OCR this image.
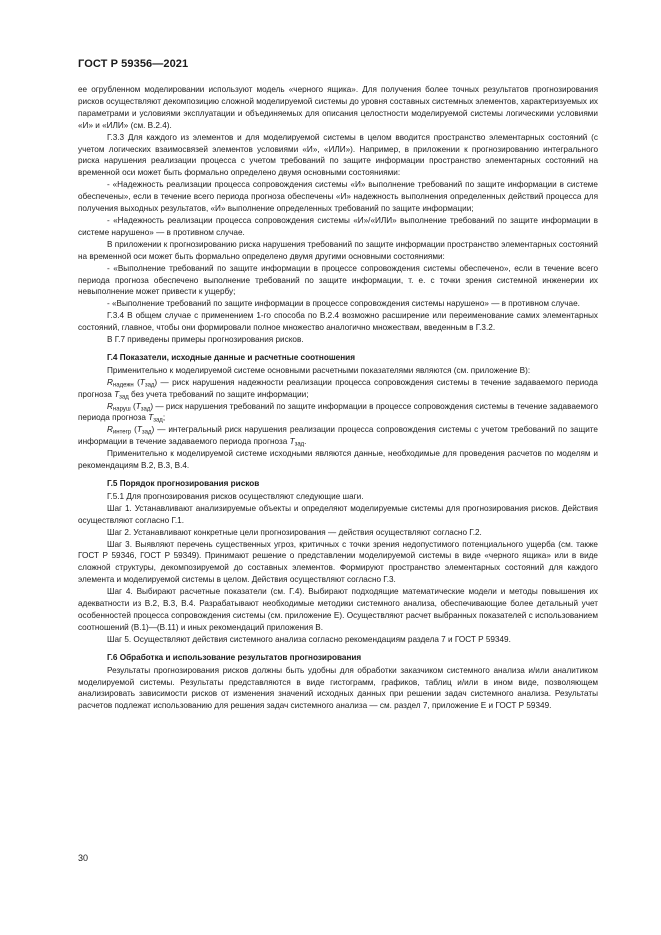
ГОСТ Р 59356—2021

ее огрубленном моделировании используют модель «черного ящика». Для получения более точных результатов прогнозирования рисков осуществляют декомпозицию сложной моделируемой системы до уровня составных системных элементов, характеризуемых их параметрами и условиями эксплуатации и объединяемых для описания целостности моделируемой системы логическими условиями «И» и «ИЛИ» (см. В.2.4).

Г.3.3 Для каждого из элементов и для моделируемой системы в целом вводится пространство элементарных состояний (с учетом логических взаимосвязей элементов условиями «И», «ИЛИ»). Например, в приложении к прогнозированию интегрального риска нарушения реализации процесса с учетом требований по защите информации пространство элементарных состояний на временной оси может быть формально определено двумя основными состояниями:

- «Надежность реализации процесса сопровождения системы «И» выполнение требований по защите информации в системе обеспечены», если в течение всего периода прогноза обеспечены «И» надежность выполнения определенных действий процесса для получения выходных результатов, «И» выполнение определенных требований по защите информации;

- «Надежность реализации процесса сопровождения системы «И»/«ИЛИ» выполнение требований по защите информации в системе нарушено» — в противном случае.

В приложении к прогнозированию риска нарушения требований по защите информации пространство элементарных состояний на временной оси может быть формально определено двумя другими основными состояниями:

- «Выполнение требований по защите информации в процессе сопровождения системы обеспечено», если в течение всего периода прогноза обеспечено выполнение требований по защите информации, т. е. с точки зрения системной инженерии их невыполнение может привести к ущербу;

- «Выполнение требований по защите информации в процессе сопровождения системы нарушено» — в противном случае.

Г.3.4 В общем случае с применением 1-го способа по В.2.4 возможно расширение или переименование самих элементарных состояний, главное, чтобы они формировали полное множество аналогично множествам, введенным в Г.3.2.

В Г.7 приведены примеры прогнозирования рисков.

Г.4 Показатели, исходные данные и расчетные соотношения

Применительно к моделируемой системе основными расчетными показателями являются (см. приложение В):

$R_{надежн}$ $(T_{зад})$ — риск нарушения надежности реализации процесса сопровождения системы в течение задаваемого периода прогноза $T_{зад}$ без учета требований по защите информации;

$R_{наруш}$ $(T_{зад})$ — риск нарушения требований по защите информации в процессе сопровождения системы в течение задаваемого периода прогноза $T_{зад}$;

$R_{интегр}$ $(T_{зад})$ — интегральный риск нарушения реализации процесса сопровождения системы с учетом требований по защите информации в течение задаваемого периода прогноза $T_{зад}$.

Применительно к моделируемой системе исходными являются данные, необходимые для проведения расчетов по моделям и рекомендациям В.2, В.3, В.4.

Г.5 Порядок прогнозирования рисков

Г.5.1 Для прогнозирования рисков осуществляют следующие шаги.

Шаг 1. Устанавливают анализируемые объекты и определяют моделируемые системы для прогнозирования рисков. Действия осуществляют согласно Г.1.

Шаг 2. Устанавливают конкретные цели прогнозирования — действия осуществляют согласно Г.2.

Шаг 3. Выявляют перечень существенных угроз, критичных с точки зрения недопустимого потенциального ущерба (см. также ГОСТ Р 59346, ГОСТ Р 59349). Принимают решение о представлении моделируемой системы в виде «черного ящика» или в виде сложной структуры, декомпозируемой до составных элементов. Формируют пространство элементарных состояний для каждого элемента и моделируемой системы в целом. Действия осуществляют согласно Г.3.

Шаг 4. Выбирают расчетные показатели (см. Г.4). Выбирают подходящие математические модели и методы повышения их адекватности из В.2, В.3, В.4. Разрабатывают необходимые методики системного анализа, обеспечивающие более детальный учет особенностей процесса сопровождения системы (см. приложение Е). Осуществляют расчет выбранных показателей с использованием соотношений (В.1)—(В.11) и иных рекомендаций приложения В.

Шаг 5. Осуществляют действия системного анализа согласно рекомендациям раздела 7 и ГОСТ Р 59349.

Г.6 Обработка и использование результатов прогнозирования

Результаты прогнозирования рисков должны быть удобны для обработки заказчиком системного анализа и/или аналитиком моделируемой системы. Результаты представляются в виде гистограмм, графиков, таблиц и/или в ином виде, позволяющем анализировать зависимости рисков от изменения значений исходных данных при решении задач системного анализа. Результаты расчетов подлежат использованию для решения задач системного анализа — см. раздел 7, приложение Е и ГОСТ Р 59349.

30
